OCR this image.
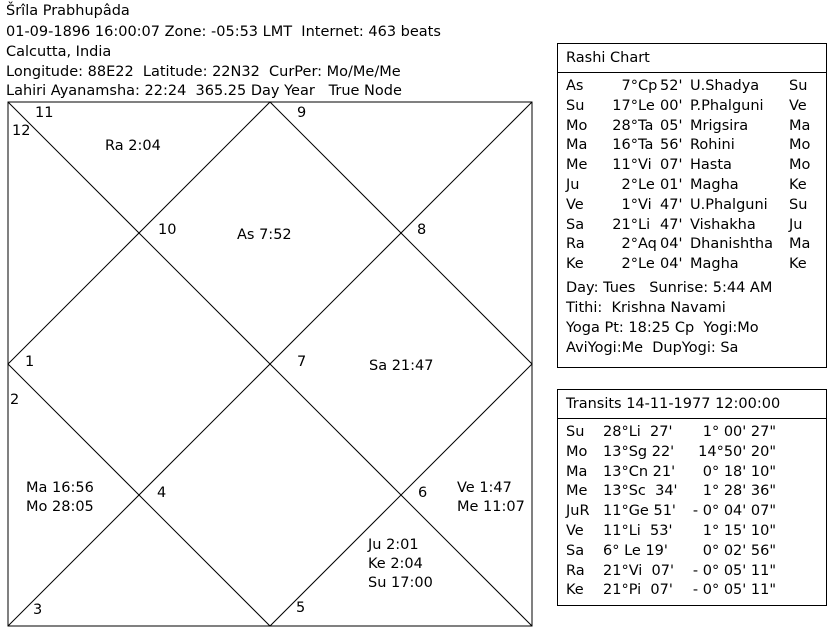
Šrîla Prabhupâda
01-09-1896 16:00:07 Zone: -05:53 LMT  Internet: 463 beats
Calcutta, India
Longitude: 88E22  Latitude: 22N32  CurPer: Mo/Me/Me
Lahiri Ayanamsha: 22:24  365.25 Day Year   True Node
9
8
7
10
11
12
1
2
3
4
5
6
Ra 2:04
As 7:52
Sa 21:47
Ma 16:56
Mo 28:05
Ve 1:47
Me 11:07
Ju 2:01
Ke 2:04
Su 17:00
Rashi Chart
As	7° Cp 52' U.Shadya Su
Su	17° Le 00' P.Phalguni Ve
Mo	28° Ta 05' Mrigsira	Ma
Ma	16° Ta 56' Rohini	Mo
Me	11° Vi 07' Hasta	Mo
Ju	2° Le 01' Magha	Ke
Ve	1° Vi 47' U.Phalguni Su
Sa	21° Li 47' Vishakha Ju
Ra	2° Aq 04' Dhanishtha Ma
Ke	2° Le 04' Magha	Ke
Day: Tues   Sunrise: 5:44 AM
Tithi:  Krishna Navami
Yoga Pt: 18:25 Cp  Yogi:Mo
AviYogi:Me  DupYogi: Sa
Transits 14-11-1977 12:00:00
Su 28°Li  27'	1° 00' 27"
Mo 13°Sg 22'	14°50' 20"
Ma 13°Cn 21'	0° 18' 10"
Me 13°Sc  34'	1° 28' 36"
JuR 11°Ge 51'	- 0° 04' 07"
Ve 11°Li  53'	1° 15' 10"
Sa 6° Le 19'	0° 02' 56"
Ra 21°Vi  07'	- 0° 05' 11"
Ke 21°Pi  07'	- 0° 05' 11"
